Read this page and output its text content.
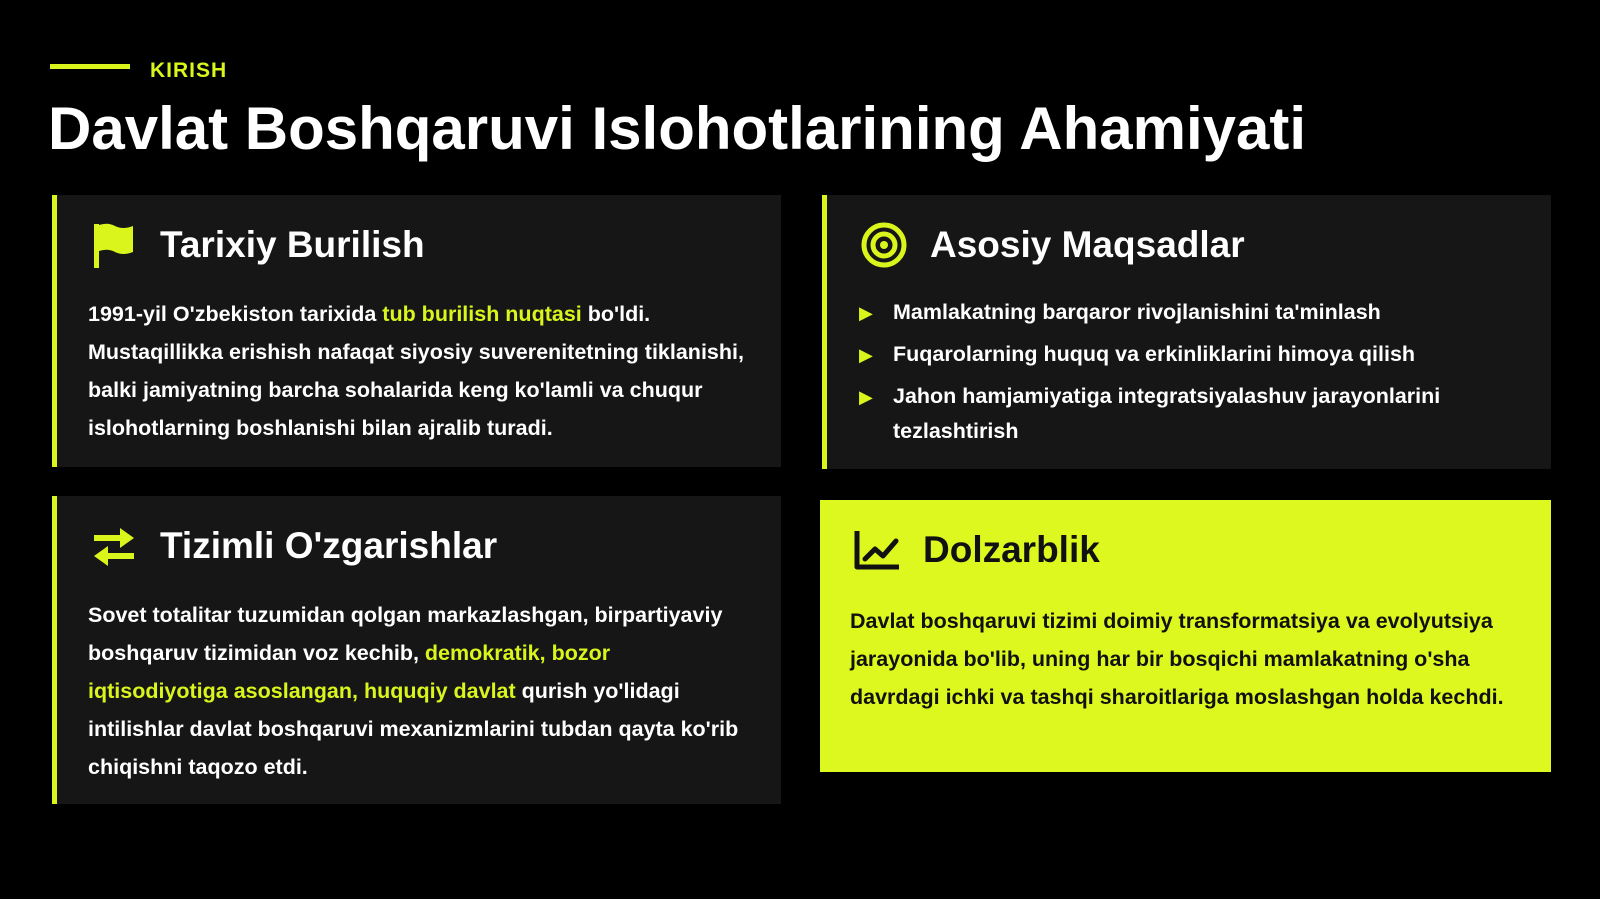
KIRISH
Davlat Boshqaruvi Islohotlarining Ahamiyati
Tarixiy Burilish

1991-yil O'zbekiston tarixida tub burilish nuqtasi bo'ldi. Mustaqillikka erishish nafaqat siyosiy suverenitetning tiklanishi, balki jamiyatning barcha sohalarida keng ko'lamli va chuqur islohotlarning boshlanishi bilan ajralib turadi.

Asosiy Maqsadlar
▶ Mamlakatning barqaror rivojlanishini ta'minlash
▶ Fuqarolarning huquq va erkinliklarini himoya qilish
▶ Jahon hamjamiyatiga integratsiyalashuv jarayonlarini tezlashtirish
Tizimli O'zgarishlar

Sovet totalitar tuzumidan qolgan markazlashgan, birpartiyaviy boshqaruv tizimidan voz kechib, demokratik, bozor iqtisodiyotiga asoslangan, huquqiy davlat qurish yo'lidagi intilishlar davlat boshqaruvi mexanizmlarini tubdan qayta ko'rib chiqishni taqozo etdi.

Dolzarblik

Davlat boshqaruvi tizimi doimiy transformatsiya va evolyutsiya jarayonida bo'lib, uning har bir bosqichi mamlakatning o'sha davrdagi ichki va tashqi sharoitlariga moslashgan holda kechdi.
